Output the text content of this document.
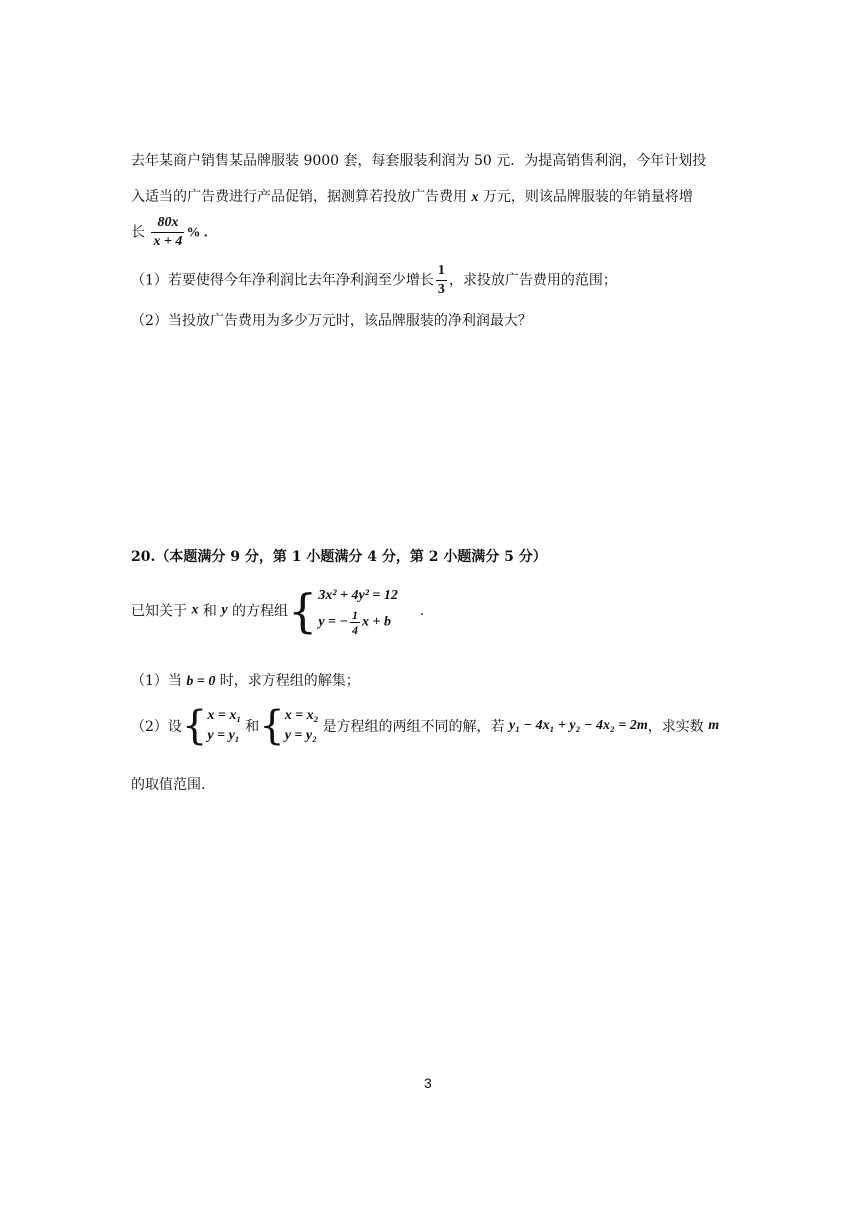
去年某商户销售某品牌服装 9000 套，每套服装利润为 50 元．为提高销售利润，今年计划投
入适当的广告费进行产品促销，据测算若投放广告费用 x 万元，则该品牌服装的年销量将增
长 $\frac{80x}{x + 4}$ % .
（1）若要使得今年净利润比去年净利润至少增长 $\frac{1}{3}$ ，求投放广告费用的范围；
（2）当投放广告费用为多少万元时，该品牌服装的净利润最大？
20.（本题满分 9 分，第 1 小题满分 4 分，第 2 小题满分 5 分）
已知关于 x 和 y 的方程组{ 3x² + 4y² = 12
y = − $\frac{1}{4}$ x + b
.
（1）当 b = 0 时，求方程组的解集；
（2）设{ x = x₁
y = y₁
和{ x = x₂
y = y₂
是方程组的两组不同的解，若 y₁ − 4x₁ + y₂ − 4x₂ = 2m，求实数 m
的取值范围．
3
